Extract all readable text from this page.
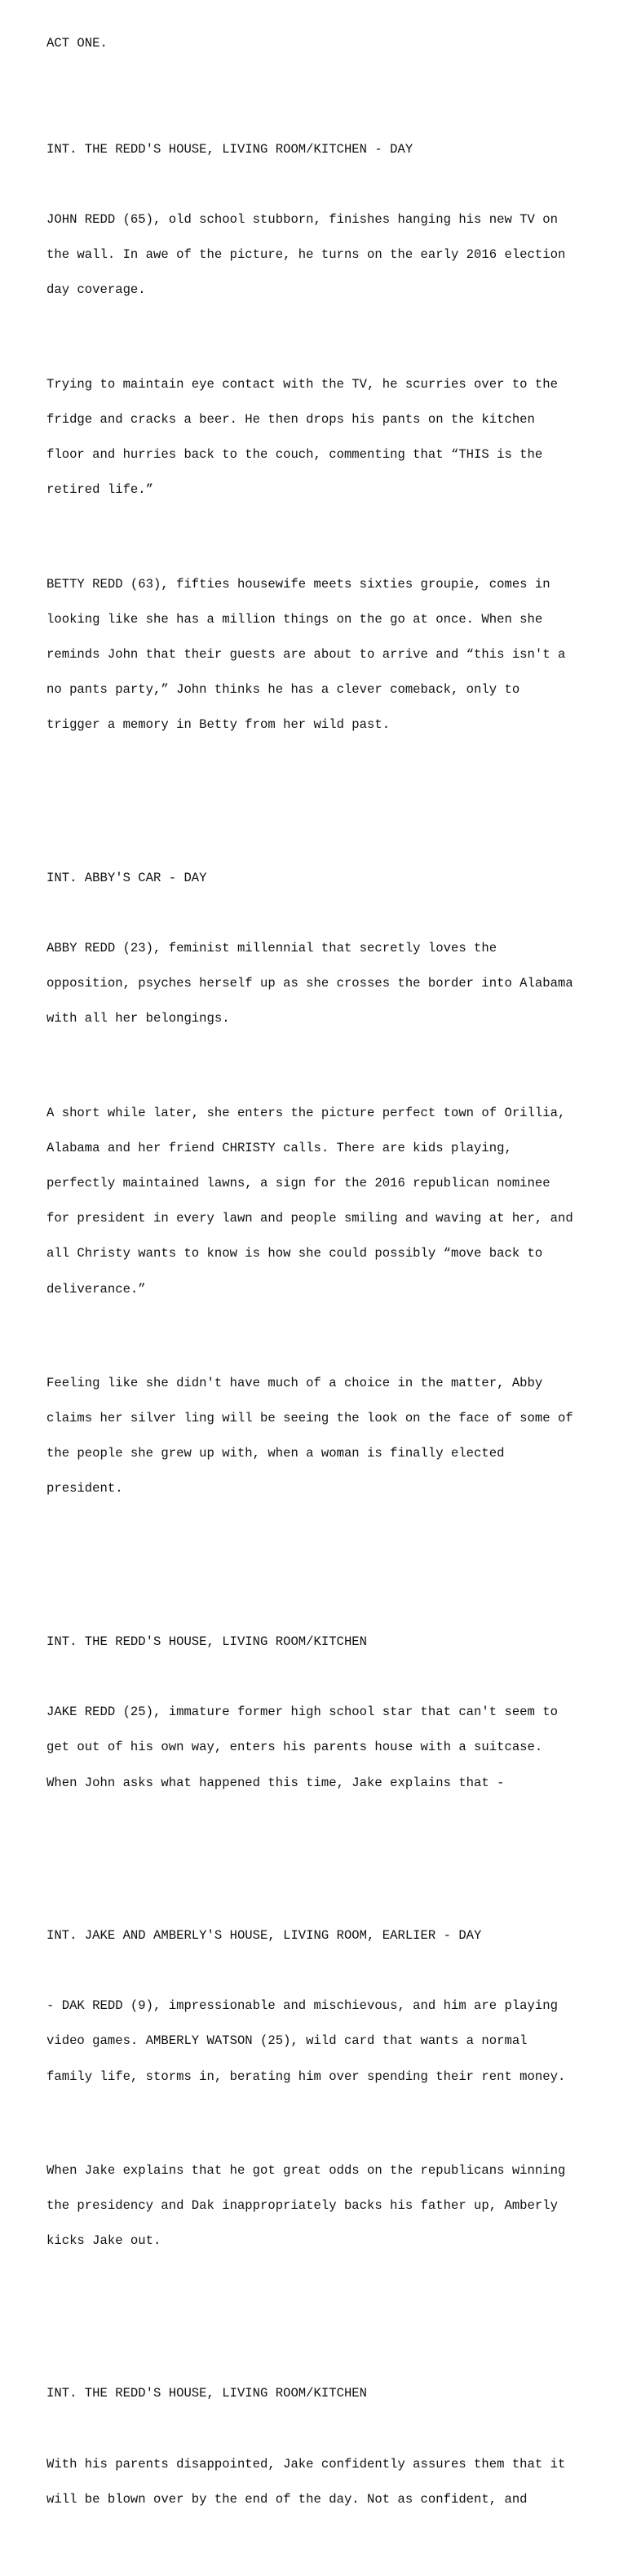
ACT ONE.

INT. THE REDD'S HOUSE, LIVING ROOM/KITCHEN - DAY

JOHN REDD (65), old school stubborn, finishes hanging his new TV on

the wall. In awe of the picture, he turns on the early 2016 election

day coverage.

Trying to maintain eye contact with the TV, he scurries over to the

fridge and cracks a beer. He then drops his pants on the kitchen

floor and hurries back to the couch, commenting that “THIS is the

retired life.”

BETTY REDD (63), fifties housewife meets sixties groupie, comes in

looking like she has a million things on the go at once. When she

reminds John that their guests are about to arrive and “this isn't a

no pants party,” John thinks he has a clever comeback, only to

trigger a memory in Betty from her wild past.

INT. ABBY'S CAR - DAY

ABBY REDD (23), feminist millennial that secretly loves the

opposition, psyches herself up as she crosses the border into Alabama

with all her belongings.

A short while later, she enters the picture perfect town of Orillia,

Alabama and her friend CHRISTY calls. There are kids playing,

perfectly maintained lawns, a sign for the 2016 republican nominee

for president in every lawn and people smiling and waving at her, and

all Christy wants to know is how she could possibly “move back to

deliverance.”

Feeling like she didn't have much of a choice in the matter, Abby

claims her silver ling will be seeing the look on the face of some of

the people she grew up with, when a woman is finally elected

president.

INT. THE REDD'S HOUSE, LIVING ROOM/KITCHEN

JAKE REDD (25), immature former high school star that can't seem to

get out of his own way, enters his parents house with a suitcase.

When John asks what happened this time, Jake explains that -

INT. JAKE AND AMBERLY'S HOUSE, LIVING ROOM, EARLIER - DAY

- DAK REDD (9), impressionable and mischievous, and him are playing

video games. AMBERLY WATSON (25), wild card that wants a normal

family life, storms in, berating him over spending their rent money.

When Jake explains that he got great odds on the republicans winning

the presidency and Dak inappropriately backs his father up, Amberly

kicks Jake out.

INT. THE REDD'S HOUSE, LIVING ROOM/KITCHEN

With his parents disappointed, Jake confidently assures them that it

will be blown over by the end of the day. Not as confident, and
